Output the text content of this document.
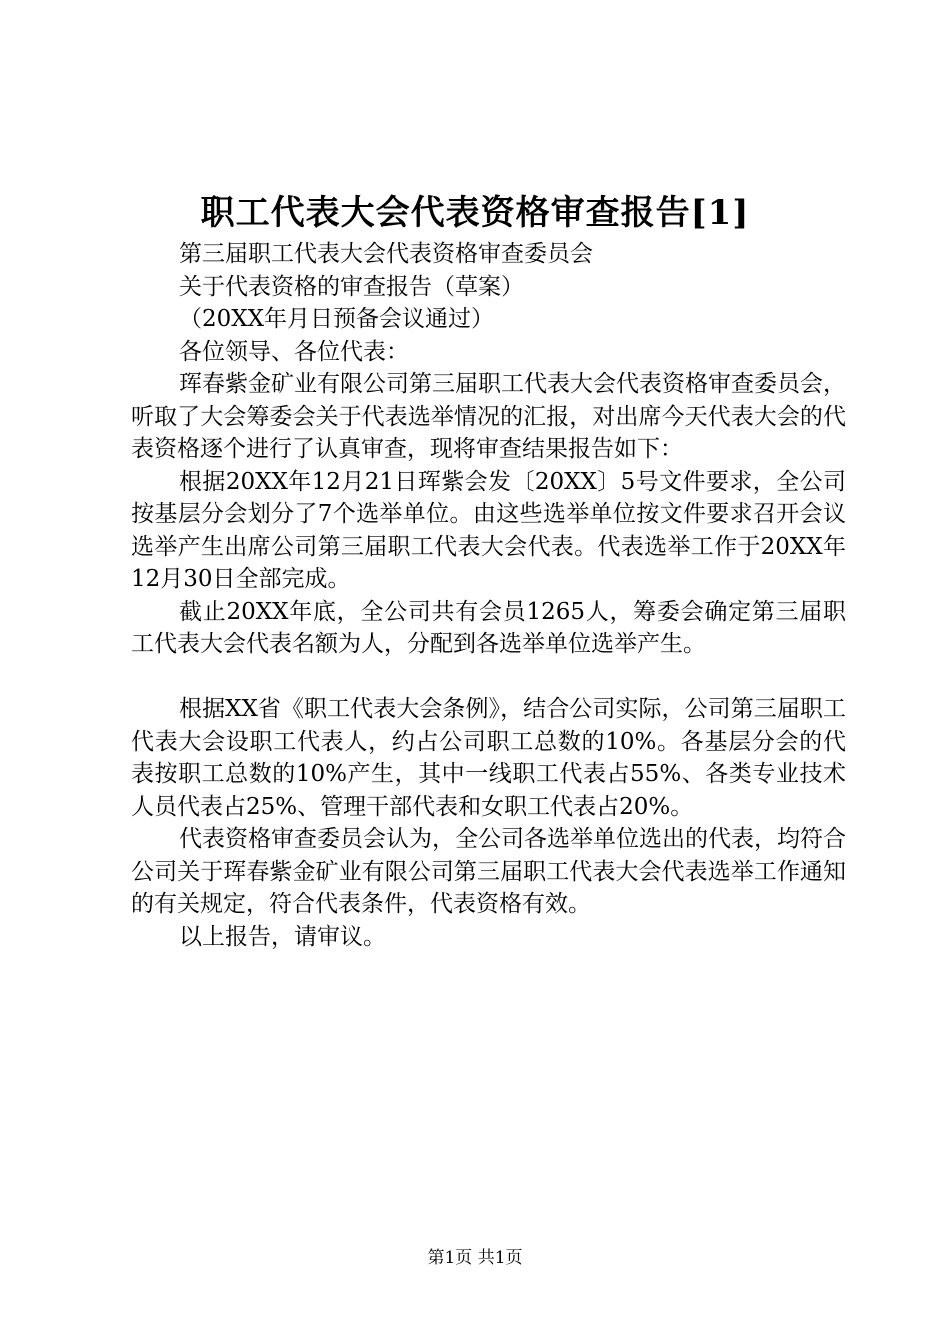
职工代表大会代表资格审查报告[1]

第三届职工代表大会代表资格审查委员会

关于代表资格的审查报告（草案）

（20XX年月日预备会议通过）

各位领导、各位代表：

珲春紫金矿业有限公司第三届职工代表大会代表资格审查委员会，听取了大会筹委会关于代表选举情况的汇报，对出席今天代表大会的代表资格逐个进行了认真审查，现将审查结果报告如下：

根据20XX年12月21日珲紫会发〔20XX〕5号文件要求，全公司按基层分会划分了7个选举单位。由这些选举单位按文件要求召开会议选举产生出席公司第三届职工代表大会代表。代表选举工作于20XX年12月30日全部完成。

截止20XX年底，全公司共有会员1265人，筹委会确定第三届职工代表大会代表名额为人，分配到各选举单位选举产生。

根据XX省《职工代表大会条例》，结合公司实际，公司第三届职工代表大会设职工代表人，约占公司职工总数的10%。各基层分会的代表按职工总数的10%产生，其中一线职工代表占55%、各类专业技术人员代表占25%、管理干部代表和女职工代表占20%。

代表资格审查委员会认为，全公司各选举单位选出的代表，均符合公司关于珲春紫金矿业有限公司第三届职工代表大会代表选举工作通知的有关规定，符合代表条件，代表资格有效。

以上报告，请审议。

第1页 共1页
